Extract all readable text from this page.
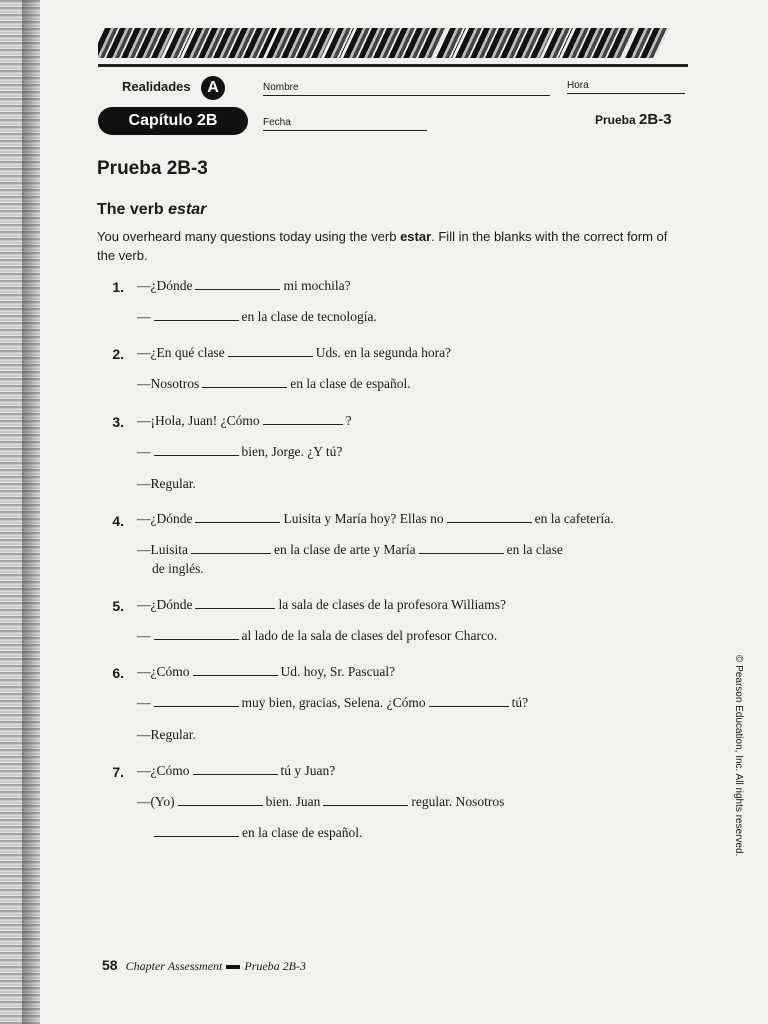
Realidades	A
Capítulo 2B
Nombre	Hora
Fecha	Prueba 2B-3
Prueba 2B-3
The verb estar
You overheard many questions today using the verb estar. Fill in the blanks with the correct form of the verb.
1. —¿Dónde	mi mochila?
—	en la clase de tecnología.
2. —¿En qué clase	Uds. en la segunda hora?
—Nosotros	en la clase de español.
3. —¡Hola, Juan! ¿Cómo	?
—	bien, Jorge. ¿Y tú?
—Regular.
4. —¿Dónde	Luisita y María hoy? Ellas no	en la cafetería.
—Luisita	en la clase de arte y María	en la clase
de inglés.
5. —¿Dónde	la sala de clases de la profesora Williams?
—	al lado de la sala de clases del profesor Charco.
6. —¿Cómo	Ud. hoy, Sr. Pascual?
—	muy bien, gracias, Selena. ¿Cómo	tú?
—Regular.
7. —¿Cómo	tú y Juan?
—(Yo)	bien. Juan	regular. Nosotros
en la clase de español.
58 Chapter Assessment Prueba 2B-3
© Pearson Education, Inc. All rights reserved.
